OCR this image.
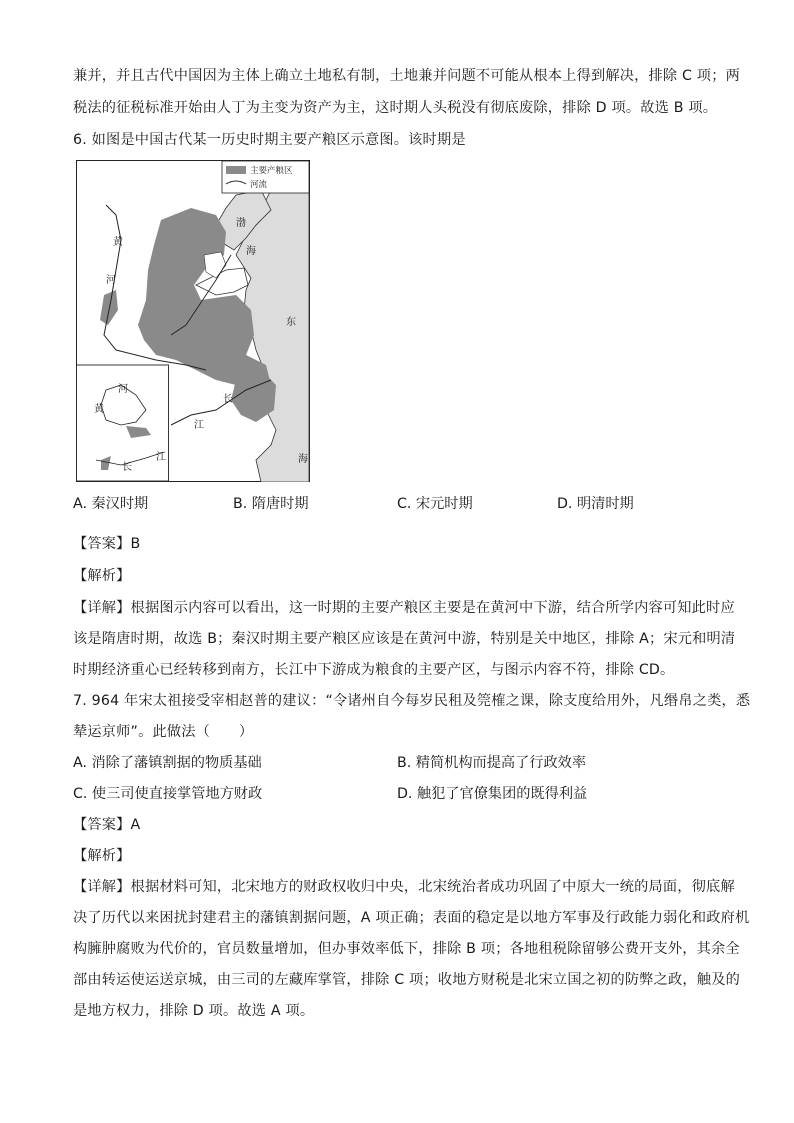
兼并，并且古代中国因为主体上确立土地私有制，土地兼并问题不可能从根本上得到解决，排除 C 项；两
税法的征税标准开始由人丁为主变为资产为主，这时期人头税没有彻底废除，排除 D 项。故选 B 项。
6. 如图是中国古代某一历史时期主要产粮区示意图。该时期是
主要产粮区
河流
黄
河
渤
海
东
长
江
海
河
黄
江
长
A. 秦汉时期	B. 隋唐时期	C. 宋元时期	D. 明清时期
【答案】B
【解析】
【详解】根据图示内容可以看出，这一时期的主要产粮区主要是在黄河中下游，结合所学内容可知此时应
该是隋唐时期，故选 B；秦汉时期主要产粮区应该是在黄河中游，特别是关中地区，排除 A；宋元和明清
时期经济重心已经转移到南方，长江中下游成为粮食的主要产区，与图示内容不符，排除 CD。
7. 964 年宋太祖接受宰相赵普的建议：“令诸州自今每岁民租及筦榷之课，除支度给用外，凡缗帛之类，悉
辇运京师”。此做法（　　）
A. 消除了藩镇割据的物质基础	B. 精简机构而提高了行政效率
C. 使三司使直接掌管地方财政	D. 触犯了官僚集团的既得利益
【答案】A
【解析】
【详解】根据材料可知，北宋地方的财政权收归中央，北宋统治者成功巩固了中原大一统的局面，彻底解
决了历代以来困扰封建君主的藩镇割据问题，A 项正确；表面的稳定是以地方军事及行政能力弱化和政府机
构臃肿腐败为代价的，官员数量增加，但办事效率低下，排除 B 项；各地租税除留够公费开支外，其余全
部由转运使运送京城，由三司的左藏库掌管，排除 C 项；收地方财税是北宋立国之初的防弊之政，触及的
是地方权力，排除 D 项。故选 A 项。
